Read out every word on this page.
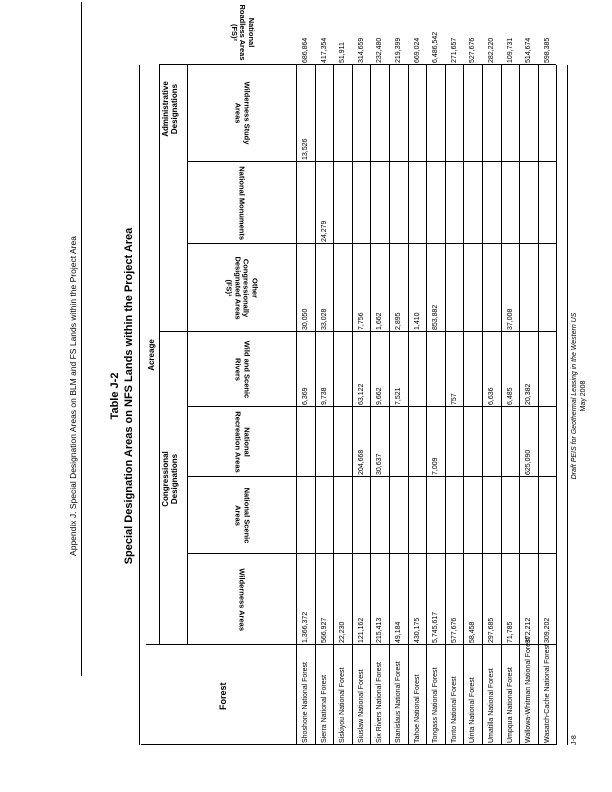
Appendix J. Special Designation Areas on BLM and FS Lands within the Project Area	Table J-2 Special Designation Areas on NFS Lands within the Project Area Acreage
Congressional Designations
Administrative Designations
Forest
Wilderness Areas
National Scenic Areas
National Recreation Areas
Wild and Scenic Rivers
Other Congressionally Designated Areas (FS)¹
National Monuments
Wilderness Study Areas
National Roadless Areas (FS)²
Shoshone National Forest
1,366,372
6,369
30,050
13,526
686,864
Sierra National Forest
566,927
9,738
33,028
24,279
417,354
Siskiyou National Forest
22,230
51,911
Siuslaw National Forest
121,162
204,668
63,122
7,756
314,659
Six Rivers National Forest
215,413
30,637
9,662
1,662
232,480
Stanislaus National Forest
49,184
7,521
2,895
219,399
Tahoe National Forest
430,175
1,410
669,024
Tongass National Forest
5,745,617
7,009
853,882
6,486,542
Tonto National Forest
577,676
757
271,657
Uinta National Forest
58,458
527,676
Umatilla National Forest
297,685
6,636
282,220
Umpqua National Forest
71,785
6,485
37,008
109,731
Wallowa-Whitman National Forest
372,212
625,090
20,382
514,674
Wasatch-Cache National Forest
309,202
598,385
J-8
Draft PEIS for Geothermal Leasing in the Western US May 2008
